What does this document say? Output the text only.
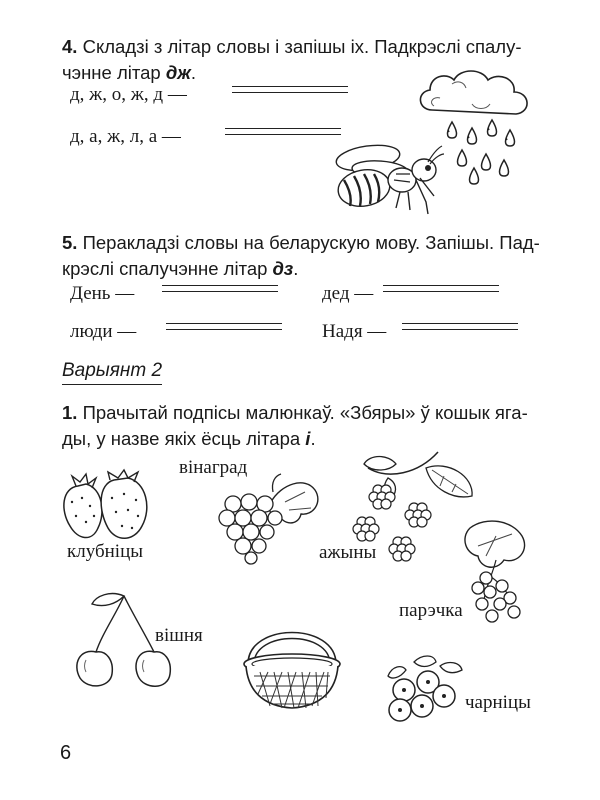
4. Складзі з літар словы і запішы іх. Падкрэслі спалу-
чэнне літар дж.
д, ж, о, ж, д —
д, а, ж, л, а —
5. Перакладзі словы на беларускую мову. Запішы. Пад-
крэслі спалучэнне літар дз.
День —	дед —
люди —	Надя —
Варыянт 2
1. Прачытай подпісы малюнкаў. «Збяры» ў кошык яга-
ды, у назве якіх ёсць літара і.
клубніцы
вінаград
ажыны
парэчка
вішня
чарніцы
6
